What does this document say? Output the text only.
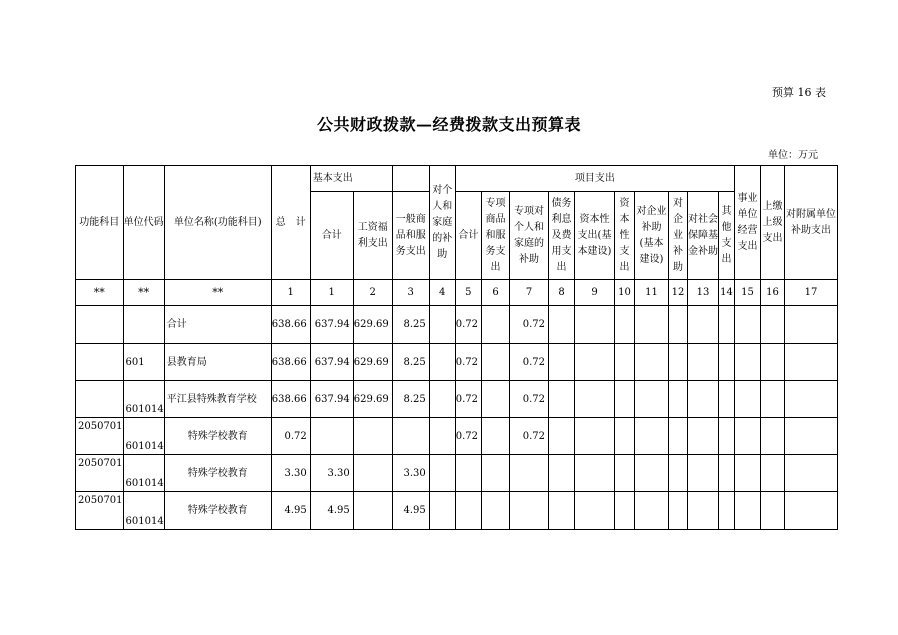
预算 16 表
公共财政拨款—经费拨款支出预算表
单位：万元
功能科目	单位代码	单位名称(功能科目)	总　计	基本支出			对个人和家庭的补助	项目支出										事业单位经营支出	上缴上级支出	对附属单位补助支出
				合计	工资福利支出	一般商品和服务支出		合计	专项商品和服务支出	专项对个人和家庭的补助	债务利息及费用支出	资本性支出(基本建设)	资本性支出	对企业补助(基本建设)	对企业补助	对社会保障基金补助	其他支出			
**	**	**	1	1	2	3	4	5	6	7	8	9	10	11	12	13	14	15	16	17
		合计	638.66	637.94	629.69	8.25		0.72		0.72										
	601	县教育局	638.66	637.94	629.69	8.25		0.72		0.72										
	601014	平江县特殊教育学校	638.66	637.94	629.69	8.25		0.72		0.72										
2050701	601014	特殊学校教育	0.72					0.72		0.72										
2050701	601014	特殊学校教育	3.30	3.30		3.30														
2050701	601014	特殊学校教育	4.95	4.95		4.95														
